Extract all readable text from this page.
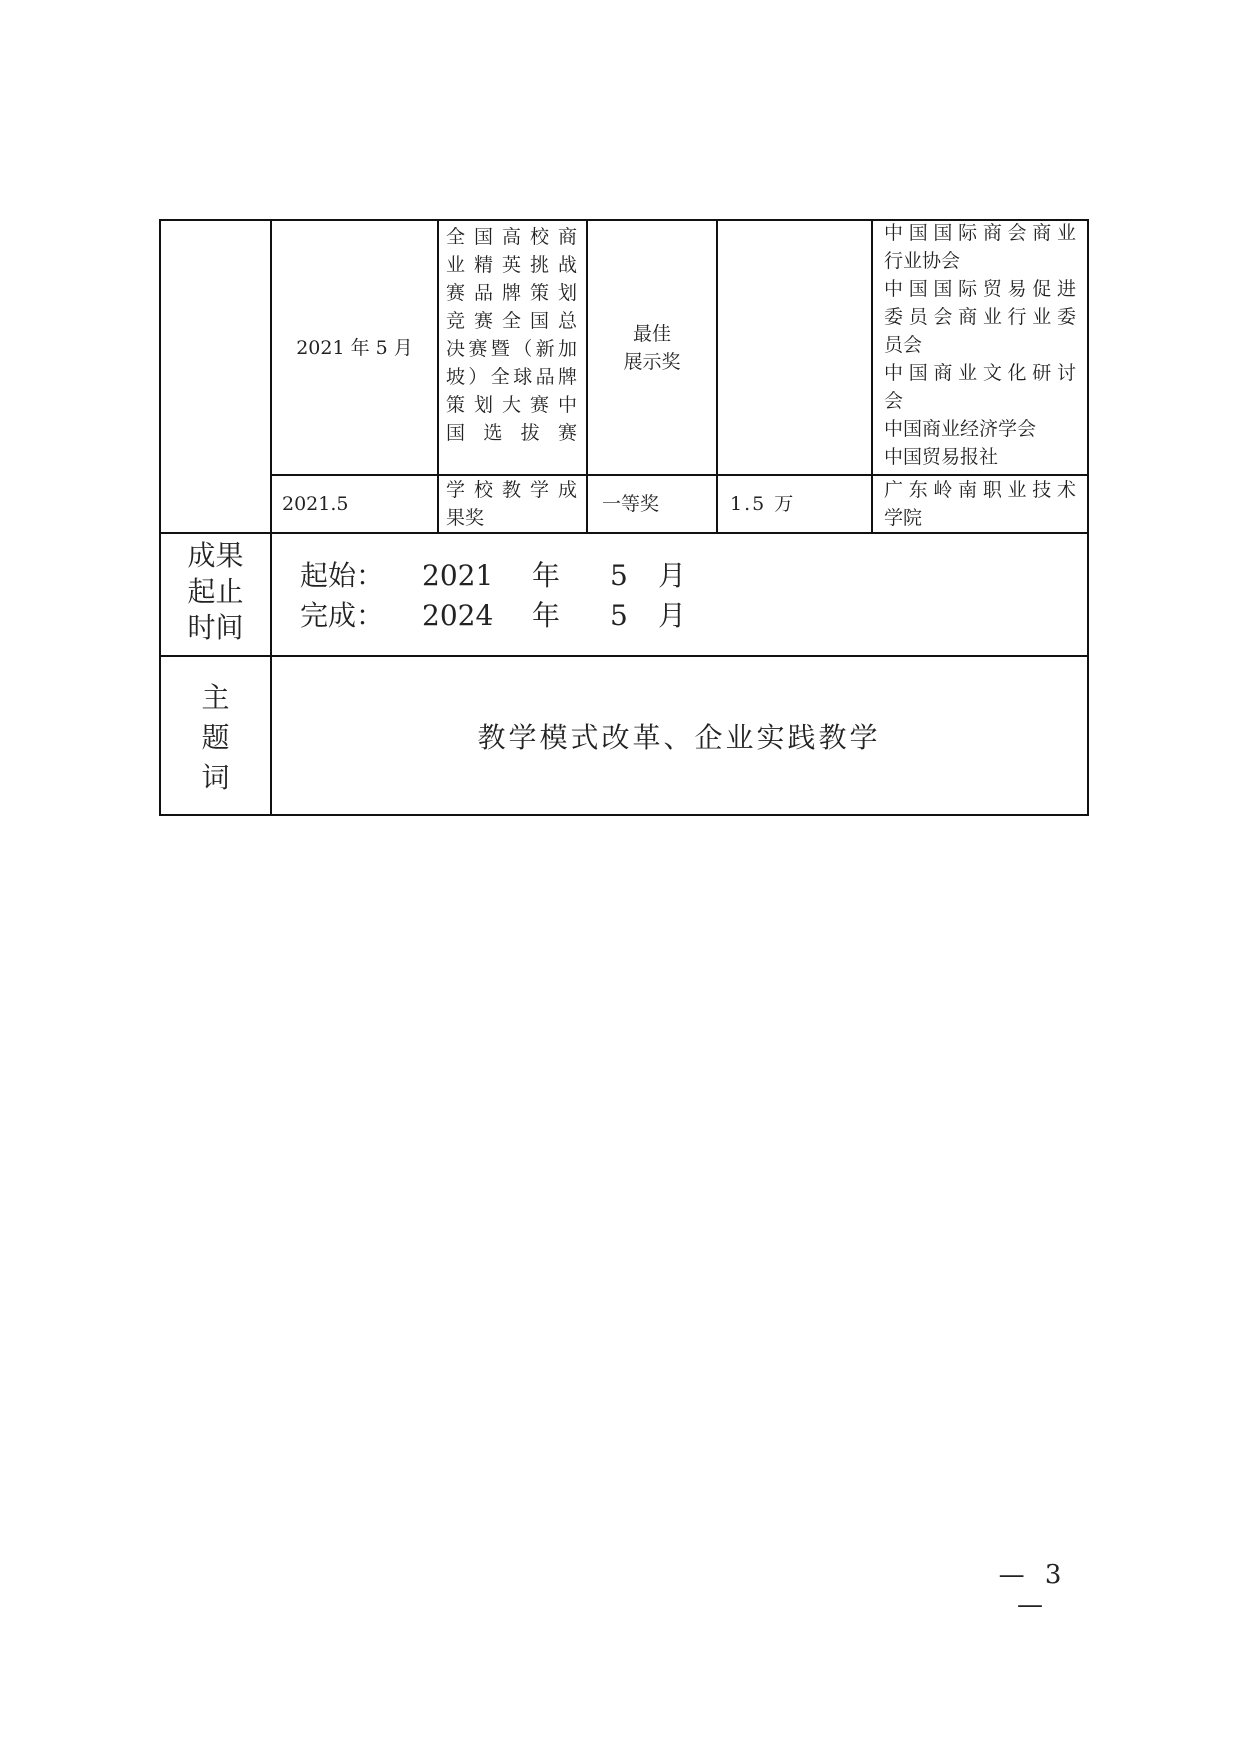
2021 年 5 月
全国高校商
业精英挑战
赛品牌策划
竞赛全国总
决赛暨（新加
坡）全球品牌
策划大赛中
国选拔赛
最佳
展示奖
中国国际商会商业
行业协会
中国国际贸易促进
委员会商业行业委
员会
中国商业文化研讨
会
中国商业经济学会
中国贸易报社
2021.5
学校教学成
果奖
一等奖	1.5 万
广东岭南职业技术
学院
成果
起止
时间
起始： 2021 年 5 月
完成： 2024 年 5 月
主
题
词
教学模式改革、企业实践教学
— 3 —
